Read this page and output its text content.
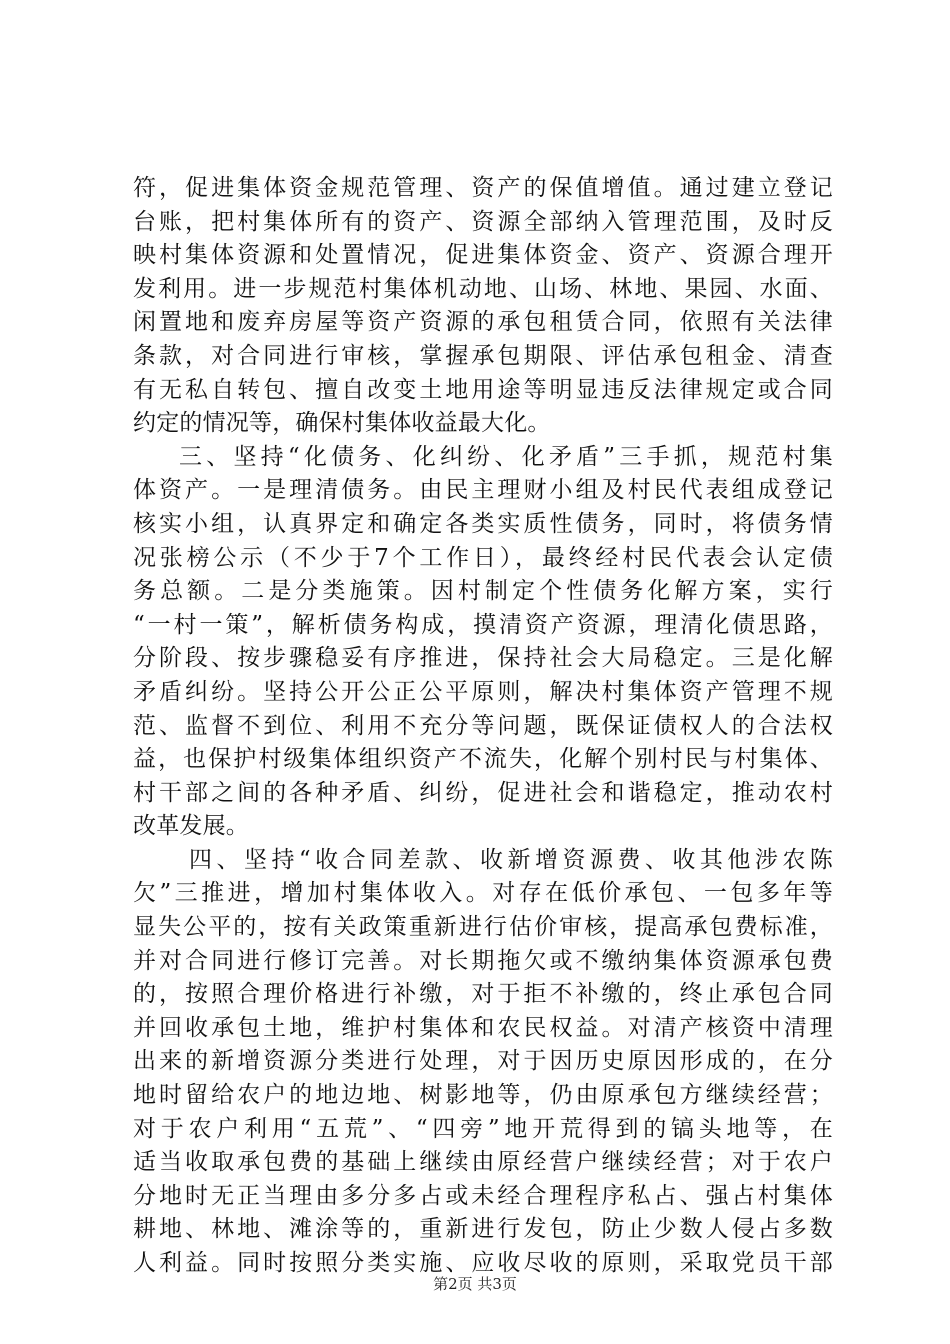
符，促进集体资金规范管理、资产的保值增值。通过建立登记
台账，把村集体所有的资产、资源全部纳入管理范围，及时反
映村集体资源和处置情况，促进集体资金、资产、资源合理开
发利用。进一步规范村集体机动地、山场、林地、果园、水面、
闲置地和废弃房屋等资产资源的承包租赁合同，依照有关法律
条款，对合同进行审核，掌握承包期限、评估承包租金、清查
有无私自转包、擅自改变土地用途等明显违反法律规定或合同
约定的情况等，确保村集体收益最大化。
三、坚持“化债务、化纠纷、化矛盾”三手抓，规范村集
体资产。一是理清债务。由民主理财小组及村民代表组成登记
核实小组，认真界定和确定各类实质性债务，同时，将债务情
况张榜公示（不少于7个工作日），最终经村民代表会认定债
务总额。二是分类施策。因村制定个性债务化解方案，实行
“一村一策”，解析债务构成，摸清资产资源，理清化债思路，
分阶段、按步骤稳妥有序推进，保持社会大局稳定。三是化解
矛盾纠纷。坚持公开公正公平原则，解决村集体资产管理不规
范、监督不到位、利用不充分等问题，既保证债权人的合法权
益，也保护村级集体组织资产不流失，化解个别村民与村集体、
村干部之间的各种矛盾、纠纷，促进社会和谐稳定，推动农村
改革发展。
四、坚持“收合同差款、收新增资源费、收其他涉农陈
欠”三推进，增加村集体收入。对存在低价承包、一包多年等
显失公平的，按有关政策重新进行估价审核，提高承包费标准，
并对合同进行修订完善。对长期拖欠或不缴纳集体资源承包费
的，按照合理价格进行补缴，对于拒不补缴的，终止承包合同
并回收承包土地，维护村集体和农民权益。对清产核资中清理
出来的新增资源分类进行处理，对于因历史原因形成的，在分
地时留给农户的地边地、树影地等，仍由原承包方继续经营；
对于农户利用“五荒”、“四旁”地开荒得到的镐头地等，在
适当收取承包费的基础上继续由原经营户继续经营；对于农户
分地时无正当理由多分多占或未经合理程序私占、强占村集体
耕地、林地、滩涂等的，重新进行发包，防止少数人侵占多数
人利益。同时按照分类实施、应收尽收的原则，采取党员干部
第2页 共3页
